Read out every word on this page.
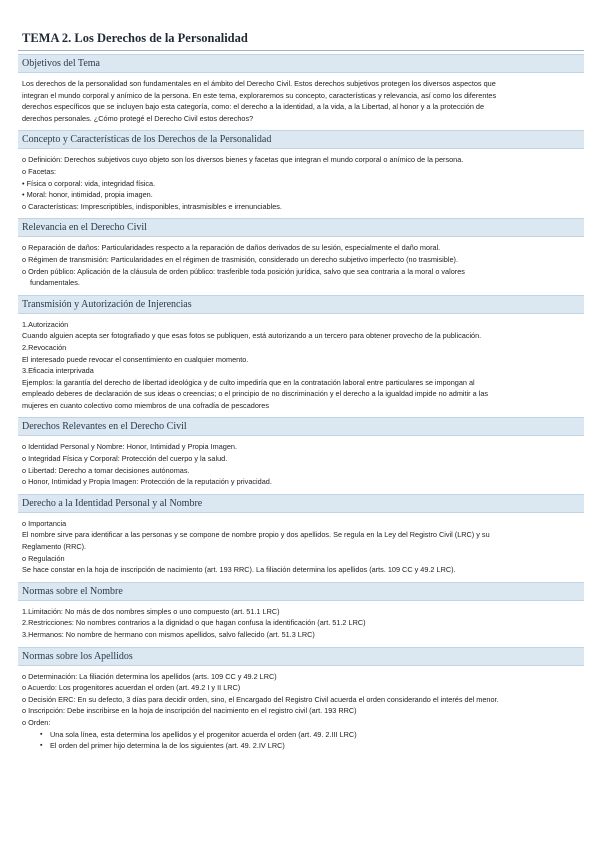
TEMA 2. Los Derechos de la Personalidad
Objetivos del Tema
Los derechos de la personalidad son fundamentales en el ámbito del Derecho Civil. Estos derechos subjetivos protegen los diversos aspectos que
integran el mundo corporal y anímico de la persona. En este tema, exploraremos su concepto, características y relevancia, así como los diferentes
derechos específicos que se incluyen bajo esta categoría, como: el derecho a la identidad, a la vida, a la Libertad, al honor y a la protección de
derechos personales. ¿Cómo protegé el Derecho Civil estos derechos?
Concepto y Características de los Derechos de la Personalidad
o Definición: Derechos subjetivos cuyo objeto son los diversos bienes y facetas que integran el mundo corporal o anímico de la persona.
o Facetas:
• Física o corporal: vida, integridad física.
• Moral: honor, intimidad, propia imagen.
o Características: Imprescriptibles, indisponibles, intrasmisibles e irrenunciables.
Relevancia en el Derecho Civil
o Reparación de daños: Particularidades respecto a la reparación de daños derivados de su lesión, especialmente el daño moral.
o Régimen de transmisión: Particularidades en el régimen de trasmisión, considerado un derecho subjetivo imperfecto (no trasmisible).
o Orden público: Aplicación de la cláusula de orden público: trasferible toda posición jurídica, salvo que sea contraria a la moral o valores
fundamentales.
Transmisión y Autorización de Injerencias
1.Autorización
Cuando alguien acepta ser fotografiado y que esas fotos se publiquen, está autorizando a un tercero para obtener provecho de la publicación.
2.Revocación
El interesado puede revocar el consentimiento en cualquier momento.
3.Eficacia interprivada
Ejemplos: la garantía del derecho de libertad ideológica y de culto impediría que en la contratación laboral entre particulares se impongan al
empleado deberes de declaración de sus ideas o creencias; o el principio de no discriminación y el derecho a la igualdad impide no admitir a las
mujeres en cuanto colectivo como miembros de una cofradía de pescadores
Derechos Relevantes en el Derecho Civil
o Identidad Personal y Nombre: Honor, Intimidad y Propia Imagen.
o Integridad Física y Corporal: Protección del cuerpo y la salud.
o Libertad: Derecho a tomar decisiones autónomas.
o Honor, Intimidad y Propia Imagen: Protección de la reputación y privacidad.
Derecho a la Identidad Personal y al Nombre
o Importancia
El nombre sirve para identificar a las personas y se compone de nombre propio y dos apellidos. Se regula en la Ley del Registro Civil (LRC) y su
Reglamento (RRC).
o Regulación
Se hace constar en la hoja de inscripción de nacimiento (art. 193 RRC). La filiación determina los apellidos (arts. 109 CC y 49.2 LRC).
Normas sobre el Nombre
1.Limitación: No más de dos nombres simples o uno compuesto (art. 51.1 LRC)
2.Restricciones: No nombres contrarios a la dignidad o que hagan confusa la identificación (art. 51.2 LRC)
3.Hermanos: No nombre de hermano con mismos apellidos, salvo fallecido (art. 51.3 LRC)
Normas sobre los Apellidos
o Determinación: La filiación determina los apellidos (arts. 109 CC y 49.2 LRC)
o Acuerdo: Los progenitores acuerdan el orden (art. 49.2 I y II LRC)
o Decisión ERC: En su defecto, 3 días para decidir orden, sino, el Encargado del Registro Civil acuerda el orden considerando el interés del menor.
o Inscripción: Debe inscribirse en la hoja de inscripción del nacimiento en el registro civil (art. 193 RRC)
o Orden:
▪ Una sola línea, esta determina los apellidos y el progenitor acuerda el orden (art. 49. 2.III LRC)
▪ El orden del primer hijo determina la de los siguientes (art. 49. 2.IV LRC)
